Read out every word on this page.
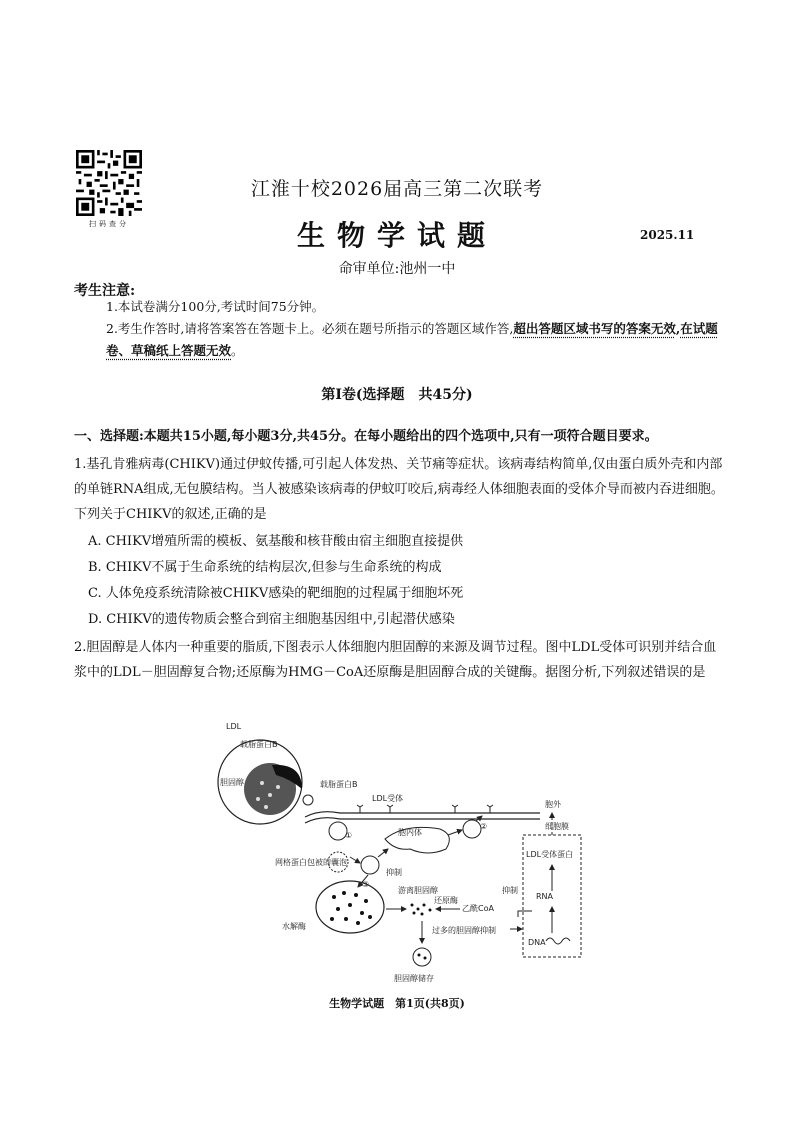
扫码查分
江淮十校2026届高三第二次联考
生物学试题	2025.11
命审单位:池州一中
考生注意:
1.本试卷满分100分,考试时间75分钟。
2.考生作答时,请将答案答在答题卡上。必须在题号所指示的答题区域作答,超出答题区域书写的答案无效,在试题卷、草稿纸上答题无效。
第Ⅰ卷(选择题　共45分)
一、选择题:本题共15小题,每小题3分,共45分。在每小题给出的四个选项中,只有一项符合题目要求。
1.基孔肯雅病毒(CHIKV)通过伊蚊传播,可引起人体发热、关节痛等症状。该病毒结构简单,仅由蛋白质外壳和内部的单链RNA组成,无包膜结构。当人被感染该病毒的伊蚊叮咬后,病毒经人体细胞表面的受体介导而被内吞进细胞。下列关于CHIKV的叙述,正确的是
A. CHIKV增殖所需的模板、氨基酸和核苷酸由宿主细胞直接提供
B. CHIKV不属于生命系统的结构层次,但参与生命系统的构成
C. 人体免疫系统清除被CHIKV感染的靶细胞的过程属于细胞坏死
D. CHIKV的遗传物质会整合到宿主细胞基因组中,引起潜伏感染
2.胆固醇是人体内一种重要的脂质,下图表示人体细胞内胆固醇的来源及调节过程。图中LDL受体可识别并结合血浆中的LDL－胆固醇复合物;还原酶为HMG－CoA还原酶是胆固醇合成的关键酶。据图分析,下列叙述错误的是
LDL
载脂蛋白B
胆固醇	载脂蛋白B
LDL受体
胞外
细胞膜
①
网格蛋白包被的囊泡
胞内体
②
③
水解酶
游离胆固醇
抑制
还原酶
乙酰CoA
过多的胆固醇 抑制
胆固醇储存
LDL受体蛋白
RNA
DNA
抑制
生物学试题　第1页(共8页)
